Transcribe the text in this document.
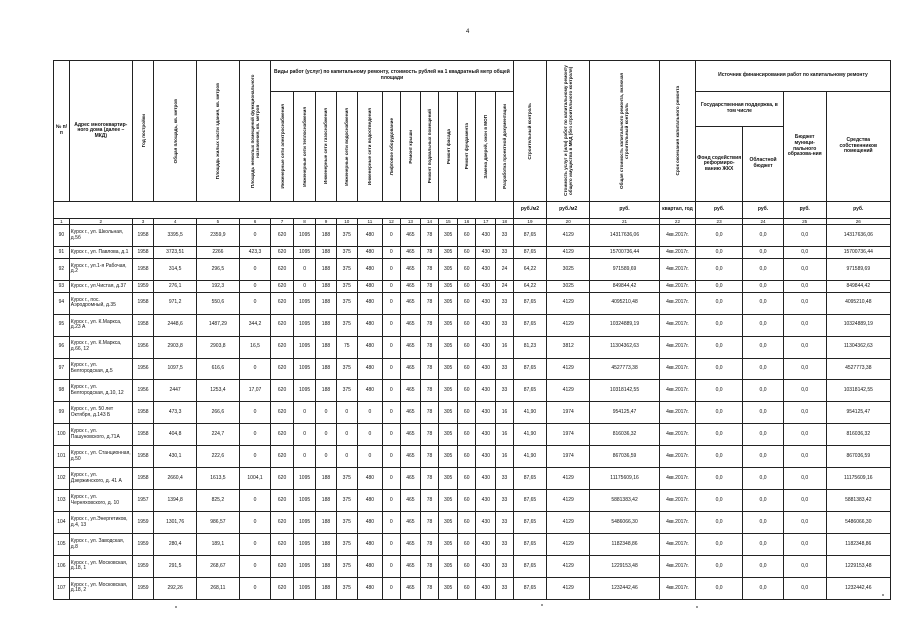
4
№ п/п	Адрес многоквартир-ного дома (далее – МКД)	Год постройки	Общая площадь, кв. метров	Площадь жилых части здания, кв. метров	Площадь нежилых помещений функционального назначения, кв. метров	Виды работ (услуг) по капитальному ремонту, стоимость рублей на 1 квадратный метр общей площади												Строительный контроль	Стоимость услуг и (или) работ по капитальному ремонту общего имущества в МКД (без строительного контроля)	Общая стоимость капитального ремонта, включая строительный контроль	Срок окончания капитального ремонта	Источник финансирования работ по капитальному ремонту			

						Инженерные сети электроснабжения	Инженерные сети теплоснабжения	Инженерные сети газоснабжения	Инженерные сети водоснабжения	Инженерные сети водоотведения	Лифтовое оборудование	Ремонт крыши	Ремонт подвальных помещений	Ремонт фасада	Ремонт фундамента	Замена дверей, окон в МОП	Разработка проектной документации					Государственная поддержка, в том числе		Бюджет муници-пального образова-ния	Средства собственников помещений
																						Фонд содействия реформиро-ванию ЖКХ	Областной бюджет		
																		руб./м2	руб./м2	руб.	квартал, год	руб.	руб.	руб.	руб.
1	2	3	4	5	6	7	8	9	10	11	12	13	14	15	16	17	18	19	20	21	22	23	24	25	26
90	Курск г., ул. Школьная, д.5б	1958	3395,5	2359,9	0	620	1095	188	375	480	0	465	78	305	60	430	33	87,65	4129	14317636,06	4кв.2017г.	0,0	0,0	0,0	14317636,06
91	Курск г., ул. Павлова, д.1	1958	3723,51	2266	423,3	620	1095	188	375	480	0	465	78	305	60	430	33	87,65	4129	15700736,44	4кв.2017г.	0,0	0,0	0,0	15700736,44
92	Курск г., ул.1-я Рабочая, д.2	1958	314,5	296,5	0	620	0	188	375	480	0	465	78	305	60	430	24	64,22	3025	971589,69	4кв.2017г.	0,0	0,0	0,0	971589,69
93	Курск г., ул.Чистая, д.37	1959	276,1	192,3	0	620	0	188	375	480	0	465	78	305	60	430	24	64,22	3025	849844,42	4кв.2017г.	0,0	0,0	0,0	849844,42
94	Курск г., пос. Аэродромный, д.35	1958	971,2	550,6	0	620	1095	188	375	480	0	465	78	305	60	430	33	87,65	4129	4095210,48	4кв.2017г.	0,0	0,0	0,0	4095210,48
95	Курск г., ул. К.Маркса, д.23 А	1958	2448,6	1487,29	344,2	620	1095	188	375	480	0	465	78	305	60	430	33	87,65	4129	10324889,19	4кв.2017г.	0,0	0,0	0,0	10324889,19
96	Курск г., ул. К.Маркса, д.66, 12	1956	2903,8	2903,8	16,5	620	1095	188	75	480	0	465	78	305	60	430	16	81,23	3812	11304362,63	4кв.2017г.	0,0	0,0	0,0	11304362,63
97	Курск г., ул. Белгородская, д.5	1956	1097,5	616,6	0	620	1095	188	375	480	0	465	78	305	60	430	33	87,65	4129	4527773,38	4кв.2017г.	0,0	0,0	0,0	4527773,38
98	Курск г., ул. Белгородская, д.10, 12	1956	2447	1253,4	17,07	620	1095	188	375	480	0	465	78	305	60	430	33	87,65	4129	10318142,55	4кв.2017г.	0,0	0,0	0,0	10318142,55
99	Курск г., ул. 50 лет Октября, д.143 Б	1958	473,3	266,6	0	620	0	0	0	0	0	465	78	305	60	430	16	41,90	1974	954125,47	4кв.2017г.	0,0	0,0	0,0	954125,47
100	Курск г., ул. Пашуновского, д.71А	1958	404,8	224,7	0	620	0	0	0	0	0	465	78	305	60	430	16	41,90	1974	816036,32	4кв.2017г.	0,0	0,0	0,0	816036,32
101	Курск г., ул. Станционная, д.50	1958	430,1	222,6	0	620	0	0	0	0	0	465	78	305	60	430	16	41,90	1974	867036,59	4кв.2017г.	0,0	0,0	0,0	867036,59
102	Курск г., ул. Дзержинского, д. 41 А	1958	2660,4	1613,5	1004,1	620	1095	188	375	480	0	465	78	305	60	430	33	87,65	4129	11175609,16	4кв.2017г.	0,0	0,0	0,0	11175609,16
103	Курск г., ул. Черняховского, д. 10	1957	1394,8	825,2	0	620	1095	188	375	480	0	465	78	305	60	430	33	87,65	4129	5881383,42	4кв.2017г.	0,0	0,0	0,0	5881383,42
104	Курск г., ул.Энергетиков, д.4, 13	1959	1301,76	986,57	0	620	1095	188	375	480	0	465	78	305	60	430	33	87,65	4129	5486066,30	4кв.2017г.	0,0	0,0	0,0	5486066,30
105	Курск г., ул. Заводская, д.8	1959	280,4	189,1	0	620	1095	188	375	480	0	465	78	305	60	430	33	87,65	4129	1182348,86	4кв.2017г.	0,0	0,0	0,0	1182348,86
106	Курск г., ул. Московская, д.18, 1	1959	291,5	268,67	0	620	1095	188	375	480	0	465	78	305	60	430	33	87,65	4129	1229153,48	4кв.2017г.	0,0	0,0	0,0	1229153,48
107	Курск г., ул. Московская, д.18, 2	1959	292,26	268,11	0	620	1095	188	375	480	0	465	78	305	60	430	33	87,65	4129	1232442,46	4кв.2017г.	0,0	0,0	0,0	1232442,46
